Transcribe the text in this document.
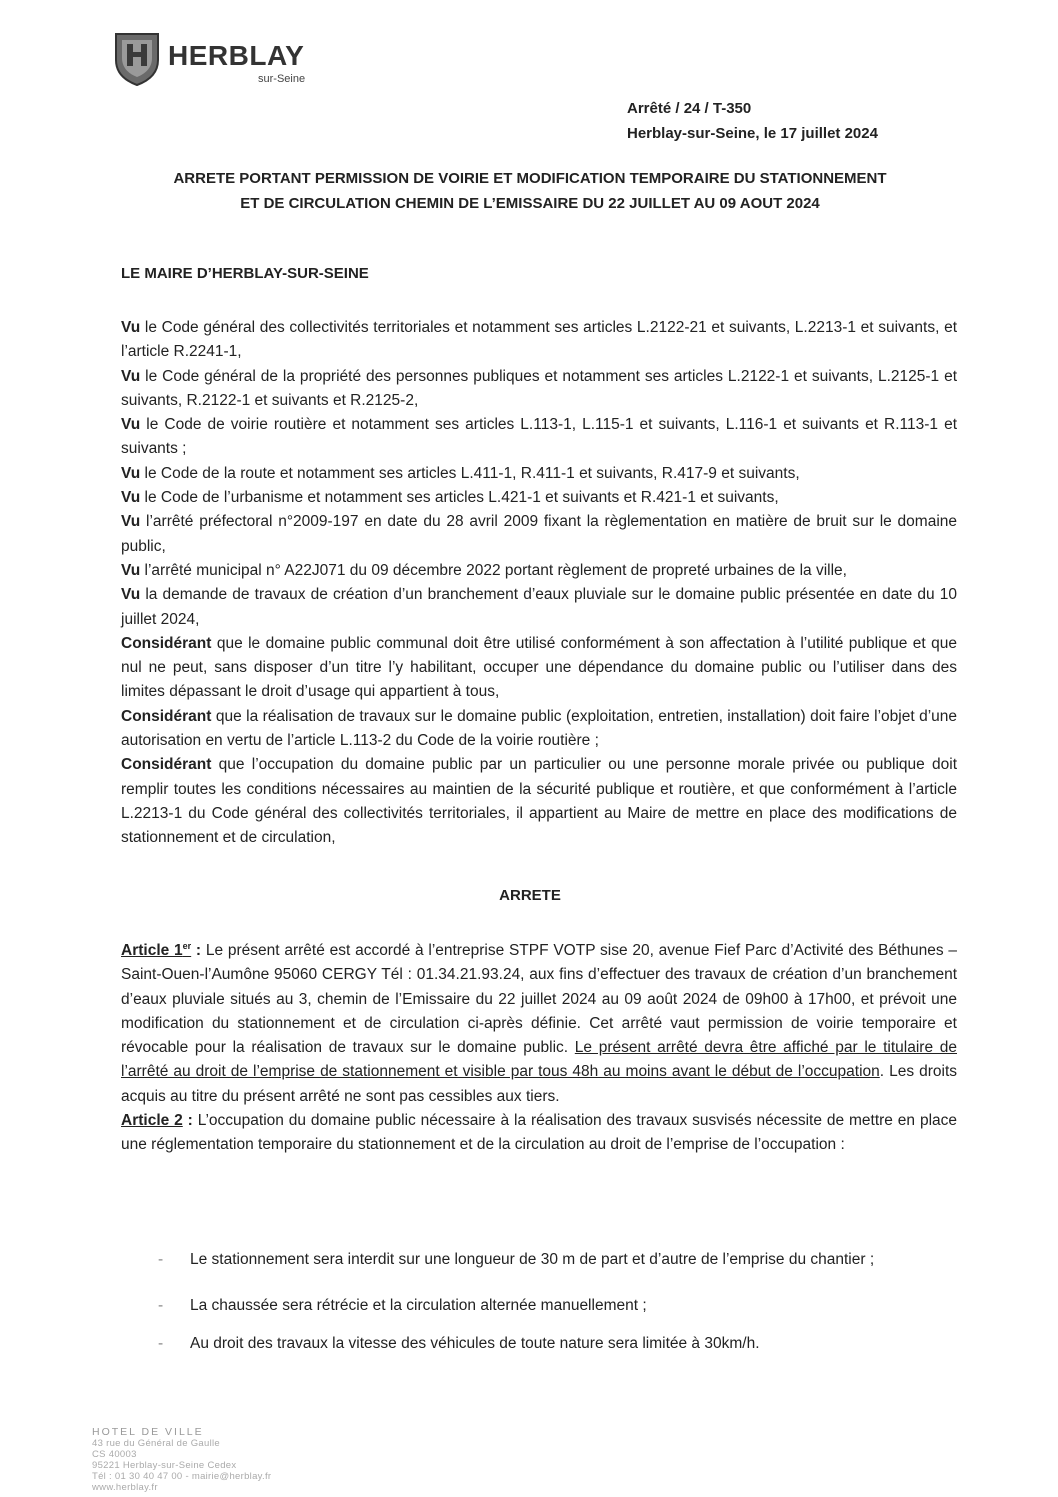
HERBLAY
sur-Seine
Arrêté / 24 / T-350
Herblay-sur-Seine, le 17 juillet 2024
ARRETE PORTANT PERMISSION DE VOIRIE ET MODIFICATION TEMPORAIRE DU STATIONNEMENT
ET DE CIRCULATION CHEMIN DE L’EMISSAIRE DU 22 JUILLET AU 09 AOUT 2024
LE MAIRE D’HERBLAY-SUR-SEINE

Vu le Code général des collectivités territoriales et notamment ses articles L.2122-21 et suivants, L.2213-1 et suivants, et l’article R.2241-1,

Vu le Code général de la propriété des personnes publiques et notamment ses articles L.2122-1 et suivants, L.2125-1 et suivants, R.2122-1 et suivants et R.2125-2,

Vu le Code de voirie routière et notamment ses articles L.113-1, L.115-1 et suivants, L.116-1 et suivants et R.113-1 et suivants ;

Vu le Code de la route et notamment ses articles L.411-1, R.411-1 et suivants, R.417-9 et suivants,

Vu le Code de l’urbanisme et notamment ses articles L.421-1 et suivants et R.421-1 et suivants,

Vu l’arrêté préfectoral n°2009-197 en date du 28 avril 2009 fixant la règlementation en matière de bruit sur le domaine public,

Vu l’arrêté municipal n° A22J071 du 09 décembre 2022 portant règlement de propreté urbaines de la ville,

Vu la demande de travaux de création d’un branchement d’eaux pluviale sur le domaine public présentée en date du 10 juillet 2024,

Considérant que le domaine public communal doit être utilisé conformément à son affectation à l’utilité publique et que nul ne peut, sans disposer d’un titre l’y habilitant, occuper une dépendance du domaine public ou l’utiliser dans des limites dépassant le droit d’usage qui appartient à tous,

Considérant que la réalisation de travaux sur le domaine public (exploitation, entretien, installation) doit faire l’objet d’une autorisation en vertu de l’article L.113-2 du Code de la voirie routière ;

Considérant que l’occupation du domaine public par un particulier ou une personne morale privée ou publique doit remplir toutes les conditions nécessaires au maintien de la sécurité publique et routière, et que conformément à l’article L.2213-1 du Code général des collectivités territoriales, il appartient au Maire de mettre en place des modifications de stationnement et de circulation,

ARRETE

Article 1er : Le présent arrêté est accordé à l’entreprise STPF VOTP sise 20, avenue Fief Parc d’Activité des Béthunes – Saint-Ouen-l’Aumône 95060 CERGY Tél : 01.34.21.93.24, aux fins d’effectuer des travaux de création d’un branchement d’eaux pluviale situés au 3, chemin de l’Emissaire du 22 juillet 2024 au 09 août 2024 de 09h00 à 17h00, et prévoit une modification du stationnement et de circulation ci-après définie. Cet arrêté vaut permission de voirie temporaire et révocable pour la réalisation de travaux sur le domaine public. Le présent arrêté devra être affiché par le titulaire de l’arrêté au droit de l’emprise de stationnement et visible par tous 48h au moins avant le début de l’occupation. Les droits acquis au titre du présent arrêté ne sont pas cessibles aux tiers.

Article 2 : L’occupation du domaine public nécessaire à la réalisation des travaux susvisés nécessite de mettre en place une réglementation temporaire du stationnement et de la circulation au droit de l’emprise de l’occupation :

- Le stationnement sera interdit sur une longueur de 30 m de part et d’autre de l’emprise du chantier ;
- La chaussée sera rétrécie et la circulation alternée manuellement ;
- Au droit des travaux la vitesse des véhicules de toute nature sera limitée à 30km/h.
HOTEL DE VILLE
43 rue du Général de Gaulle
CS 40003
95221 Herblay-sur-Seine Cedex
Tél : 01 30 40 47 00 - mairie@herblay.fr
www.herblay.fr
